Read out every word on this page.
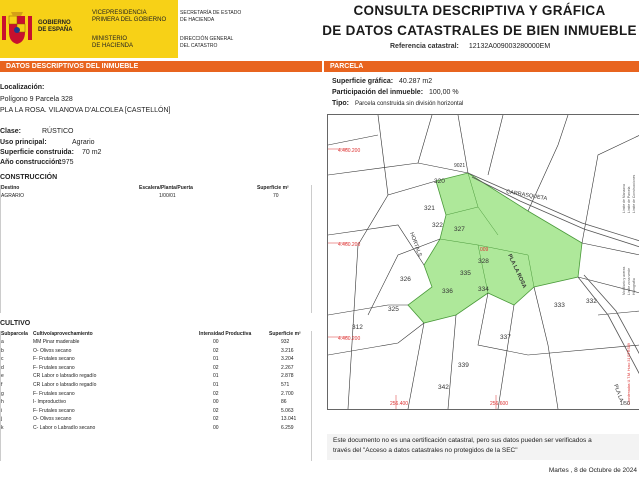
GOBIERNO
DE ESPAÑA
VICEPRESIDENCIA
PRIMERA DEL GOBIERNO
MINISTERIO
DE HACIENDA
SECRETARÍA DE ESTADO
DE HACIENDA
DIRECCIÓN GENERAL
DEL CATASTRO
CONSULTA DESCRIPTIVA Y GRÁFICA
DE DATOS CATASTRALES DE BIEN INMUEBLE
Referencia catastral: 12132A009003280000EM
DATOS DESCRIPTIVOS DEL INMUEBLE
Localización:
Polígono 9 Parcela 328
PLA LA ROSA. VILANOVA D'ALCOLEA [CASTELLÓN]
Clase:	RÚSTICO
Uso principal:	Agrario
Superficie construida: 70 m2
Año construcción:
1975
CONSTRUCCIÓN
Destino	Escalera/Planta/Puerta	Superficie m²
AGRARIO	1/00/01	70
CULTIVO
Subparcela Cultivo/aprovechamiento	Intensidad Productiva	Superficie m²
a	MM Pinar maderable	00	932
b	O- Olivos secano	02	3.216
c	F- Frutales secano	01	3.204
d	F- Frutales secano	02	2.267
e	CR Labor o labradío regadío	01	2.878
f	CR Labor o labradío regadío	01	571
g	F- Frutales secano	02	2.700
h	I- Improductivo	00	86
i	F- Frutales secano	02	5.063
j	O- Olivos secano	02	13.041
k	C- Labor o Labradío secano	00	6.259
PARCELA
Superficie gráfica: 40.287 m2
Participación del inmueble: 100,00 %
Tipo: Parcela construida sin división horizontal
4.460.200
4.460.200
4.460.200
256.400	256.600
320
321
322
327
328
326
335
336	334
325
333
332
337
339
342
312
9021
009
CARRASQUETA
HORTALS
PLA LA ROSA
PLA LA Coordenadas U.T.M. Huso 31 ETRS89
Límite de Manzana Límite de Parcela Límite de Construcciones
Mobiliario y aceras Límite zona verde Hidrografía
1/50
Este documento no es una certificación catastral, pero sus datos pueden ser verificados a
través del "Acceso a datos catastrales no protegidos de la SEC"
Martes , 8 de Octubre de 2024
